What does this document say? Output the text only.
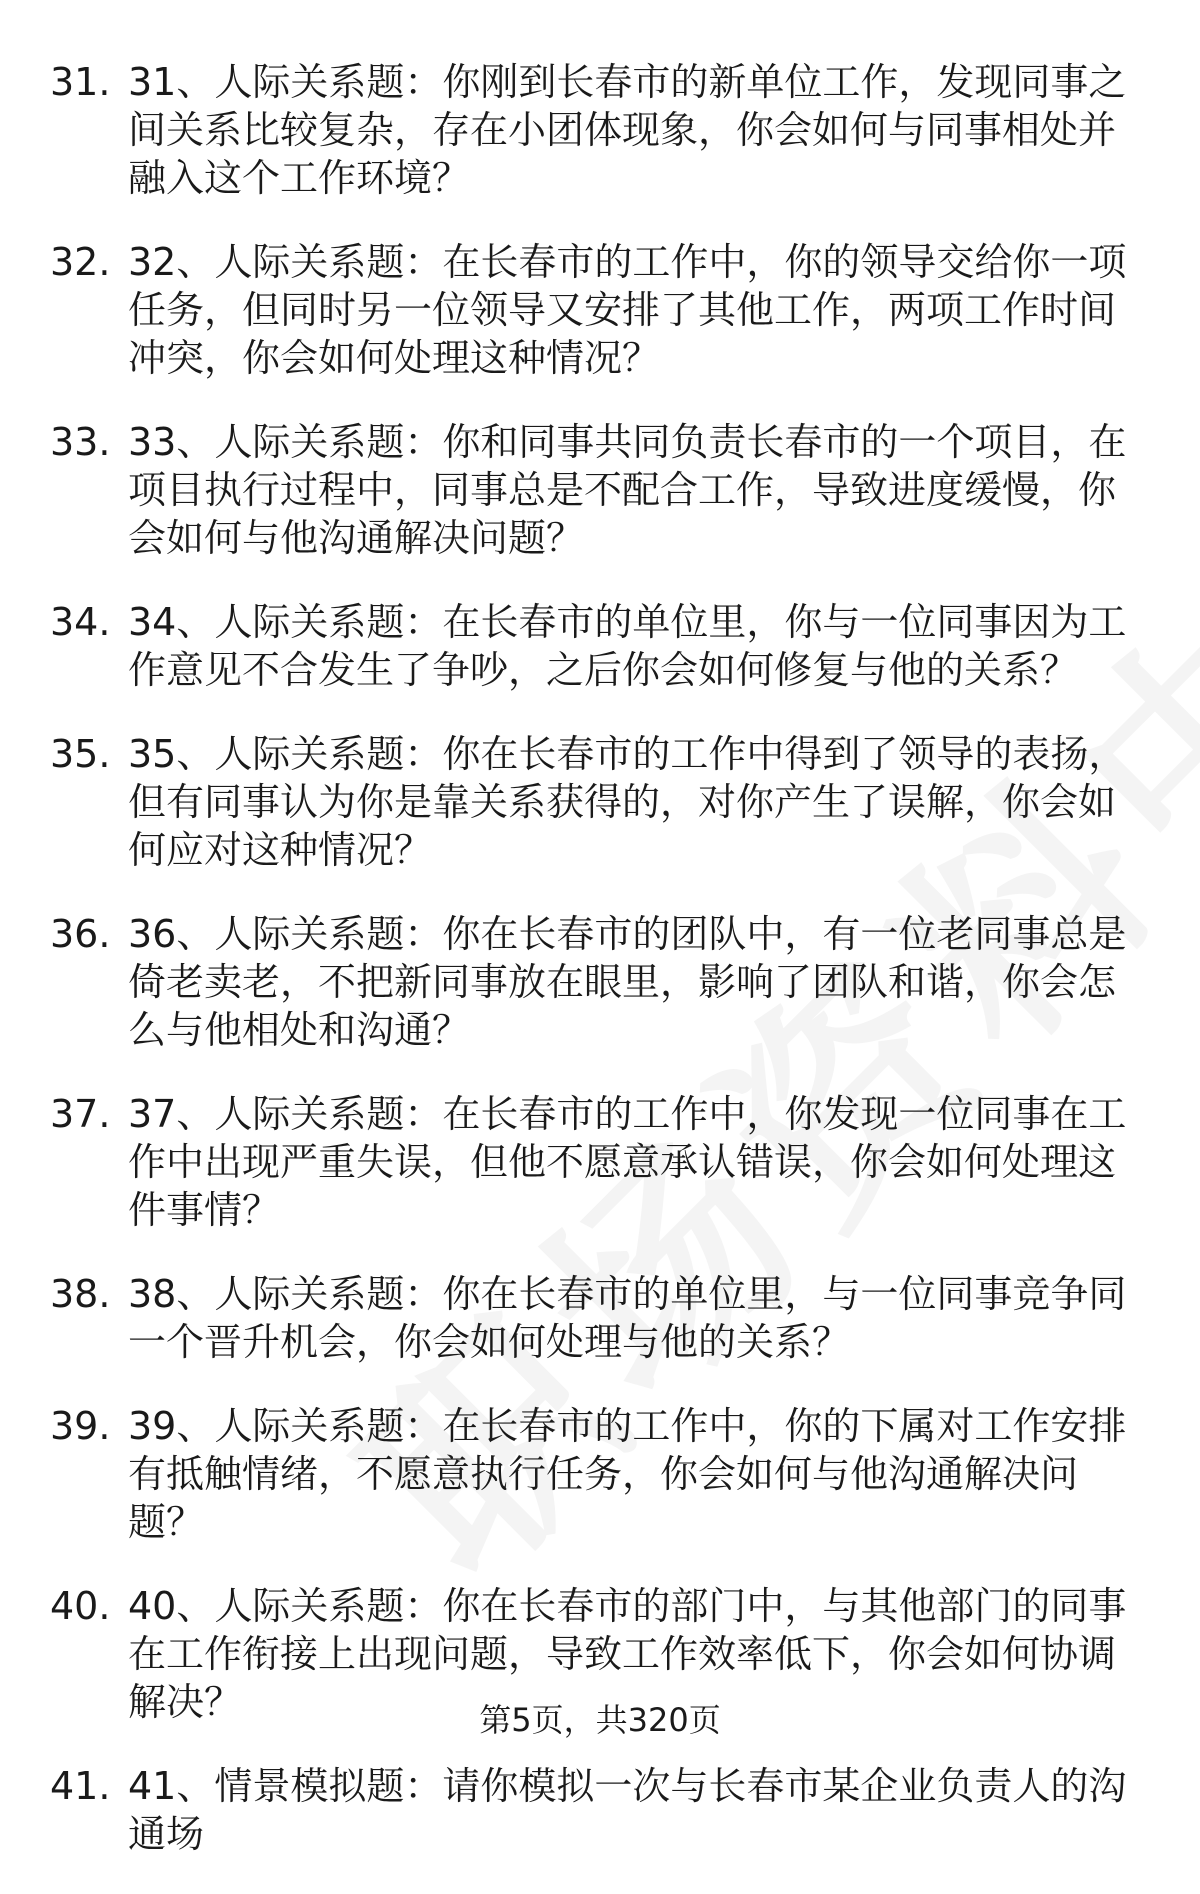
31. 31、人际关系题：你刚到长春市的新单位工作，发现同事之间关系比较复杂，存在小团体现象，你会如何与同事相处并融入这个工作环境？
32. 32、人际关系题：在长春市的工作中，你的领导交给你一项任务，但同时另一位领导又安排了其他工作，两项工作时间冲突，你会如何处理这种情况？
33. 33、人际关系题：你和同事共同负责长春市的一个项目，在项目执行过程中，同事总是不配合工作，导致进度缓慢，你会如何与他沟通解决问题？
34. 34、人际关系题：在长春市的单位里，你与一位同事因为工作意见不合发生了争吵，之后你会如何修复与他的关系？
35. 35、人际关系题：你在长春市的工作中得到了领导的表扬，但有同事认为你是靠关系获得的，对你产生了误解，你会如何应对这种情况？
36. 36、人际关系题：你在长春市的团队中，有一位老同事总是倚老卖老，不把新同事放在眼里，影响了团队和谐，你会怎么与他相处和沟通？
37. 37、人际关系题：在长春市的工作中，你发现一位同事在工作中出现严重失误，但他不愿意承认错误，你会如何处理这件事情？
38. 38、人际关系题：你在长春市的单位里，与一位同事竞争同一个晋升机会，你会如何处理与他的关系？
39. 39、人际关系题：在长春市的工作中，你的下属对工作安排有抵触情绪，不愿意执行任务，你会如何与他沟通解决问题？
40. 40、人际关系题：你在长春市的部门中，与其他部门的同事在工作衔接上出现问题，导致工作效率低下，你会如何协调解决？
41. 41、情景模拟题：请你模拟一次与长春市某企业负责人的沟通场
第5页，共320页
